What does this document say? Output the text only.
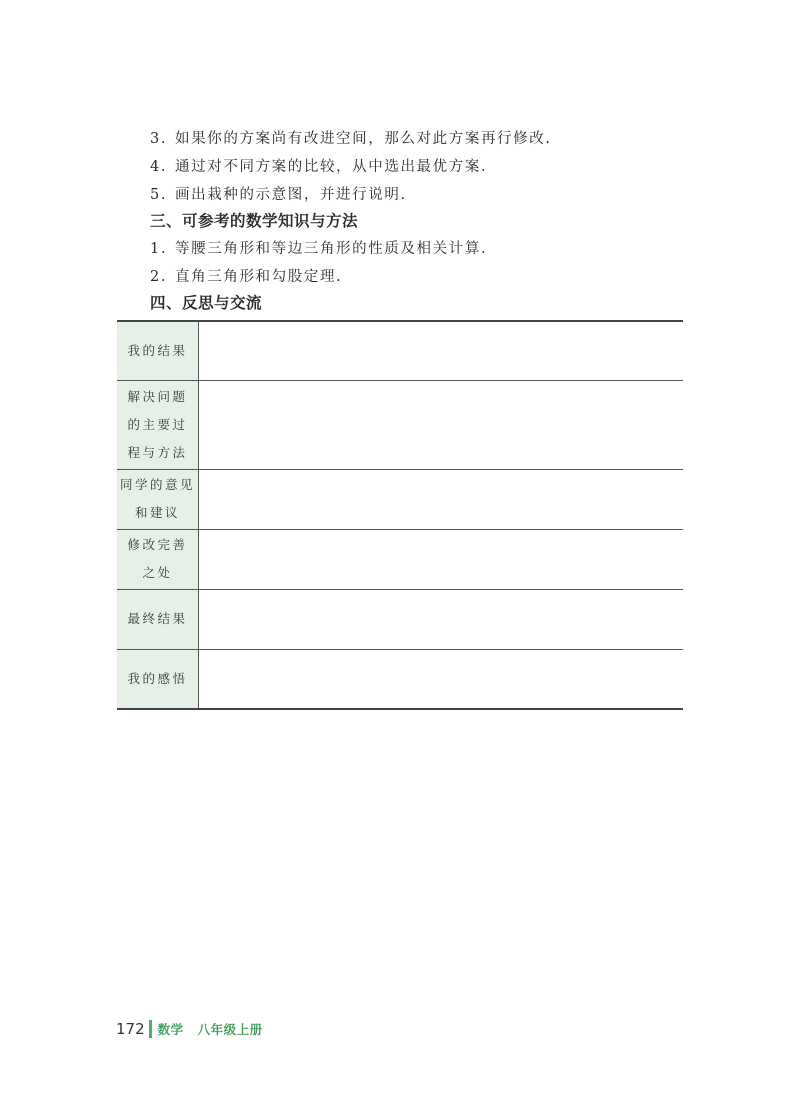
3. 如果你的方案尚有改进空间，那么对此方案再行修改.
4. 通过对不同方案的比较，从中选出最优方案.
5. 画出栽种的示意图，并进行说明.
三、可参考的数学知识与方法
1. 等腰三角形和等边三角形的性质及相关计算.
2. 直角三角形和勾股定理.
四、反思与交流
我的结果	

解决问题
的主要过
程与方法	

同学的意见
和建议	

修改完善
之处	

最终结果	

我的感悟	

172 数学 八年级上册
